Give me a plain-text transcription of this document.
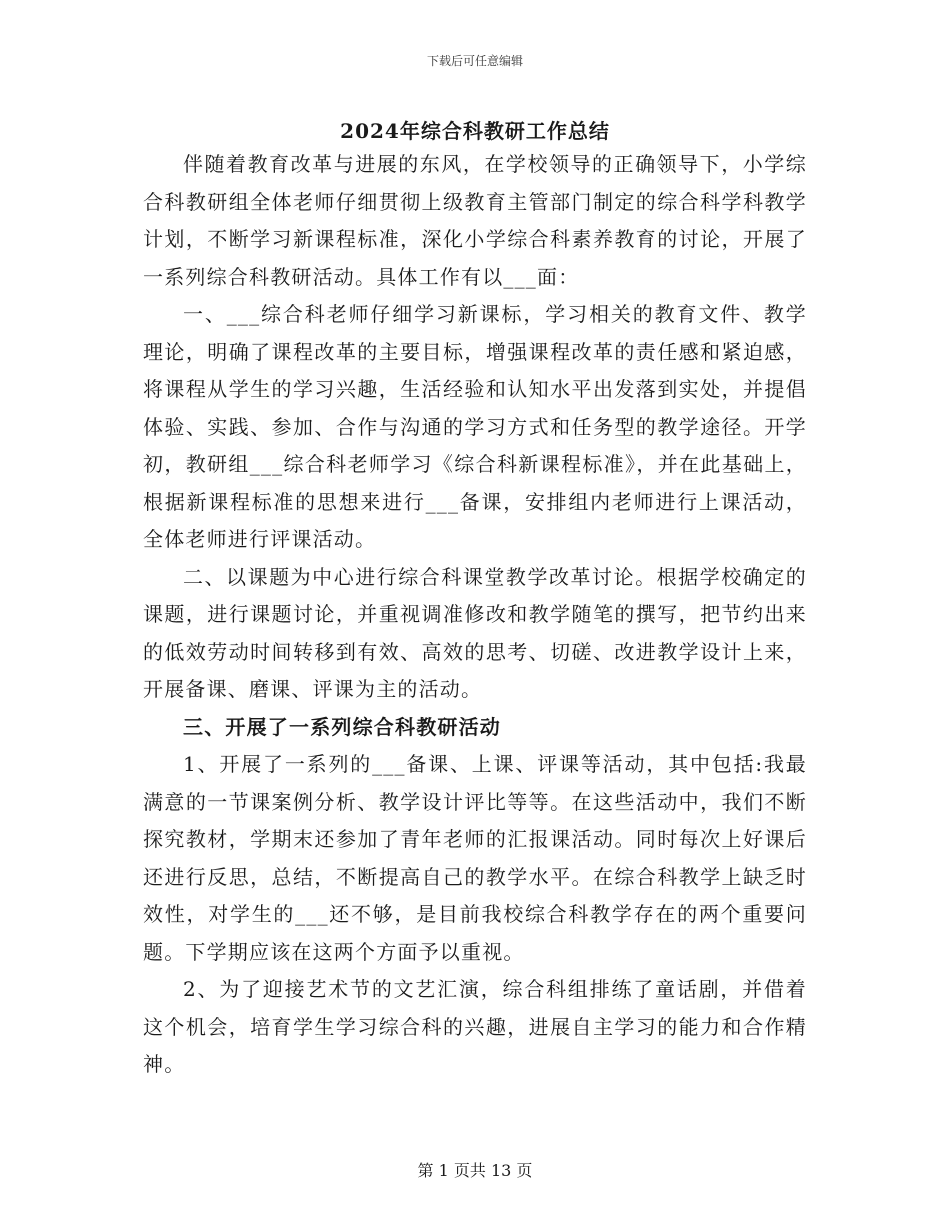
下载后可任意编辑
2024年综合科教研工作总结

伴随着教育改革与进展的东风，在学校领导的正确领导下，小学综合科教研组全体老师仔细贯彻上级教育主管部门制定的综合科学科教学计划，不断学习新课程标准，深化小学综合科素养教育的讨论，开展了一系列综合科教研活动。具体工作有以___面：

一、___综合科老师仔细学习新课标，学习相关的教育文件、教学理论，明确了课程改革的主要目标，增强课程改革的责任感和紧迫感，将课程从学生的学习兴趣，生活经验和认知水平出发落到实处，并提倡体验、实践、参加、合作与沟通的学习方式和任务型的教学途径。开学初，教研组___综合科老师学习《综合科新课程标准》，并在此基础上，根据新课程标准的思想来进行___备课，安排组内老师进行上课活动，全体老师进行评课活动。

二、以课题为中心进行综合科课堂教学改革讨论。根据学校确定的课题，进行课题讨论，并重视调准修改和教学随笔的撰写，把节约出来的低效劳动时间转移到有效、高效的思考、切磋、改进教学设计上来，开展备课、磨课、评课为主的活动。

三、开展了一系列综合科教研活动

1、开展了一系列的___备课、上课、评课等活动，其中包括:我最满意的一节课案例分析、教学设计评比等等。在这些活动中，我们不断探究教材，学期末还参加了青年老师的汇报课活动。同时每次上好课后还进行反思，总结，不断提高自己的教学水平。在综合科教学上缺乏时效性，对学生的___还不够，是目前我校综合科教学存在的两个重要问题。下学期应该在这两个方面予以重视。

2、为了迎接艺术节的文艺汇演，综合科组排练了童话剧，并借着这个机会，培育学生学习综合科的兴趣，进展自主学习的能力和合作精神。

第 1 页共 13 页
